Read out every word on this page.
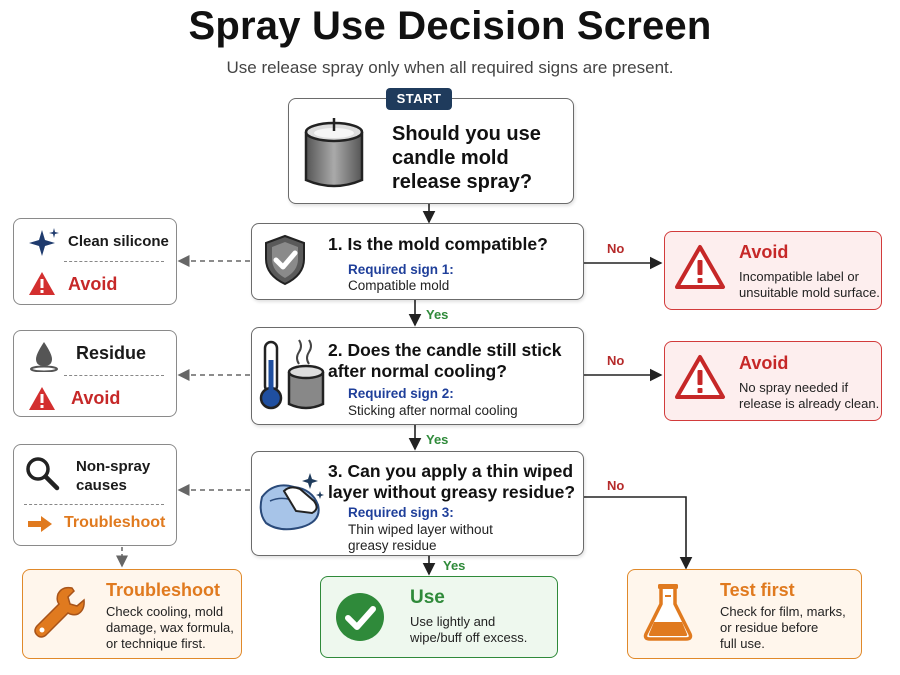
Spray Use Decision Screen
Use release spray only when all required signs are present.
START
Should you use
candle mold
release spray?
1. Is the mold compatible?
Required sign 1:
Compatible mold
2. Does the candle still stick
after normal cooling?
Required sign 2:
Sticking after normal cooling
3. Can you apply a thin wiped
layer without greasy residue?
Required sign 3:
Thin wiped layer without
greasy residue
Clean silicone
Avoid
Residue
Avoid
Non-spray
causes
Troubleshoot
Avoid
Incompatible label or
unsuitable mold surface.
Avoid
No spray needed if
release is already clean.
Troubleshoot
Check cooling, mold
damage, wax formula,
or technique first.
Use
Use lightly and
wipe/buff off excess.
Test first
Check for film, marks,
or residue before
full use.
No
Yes
No
Yes
No
Yes
